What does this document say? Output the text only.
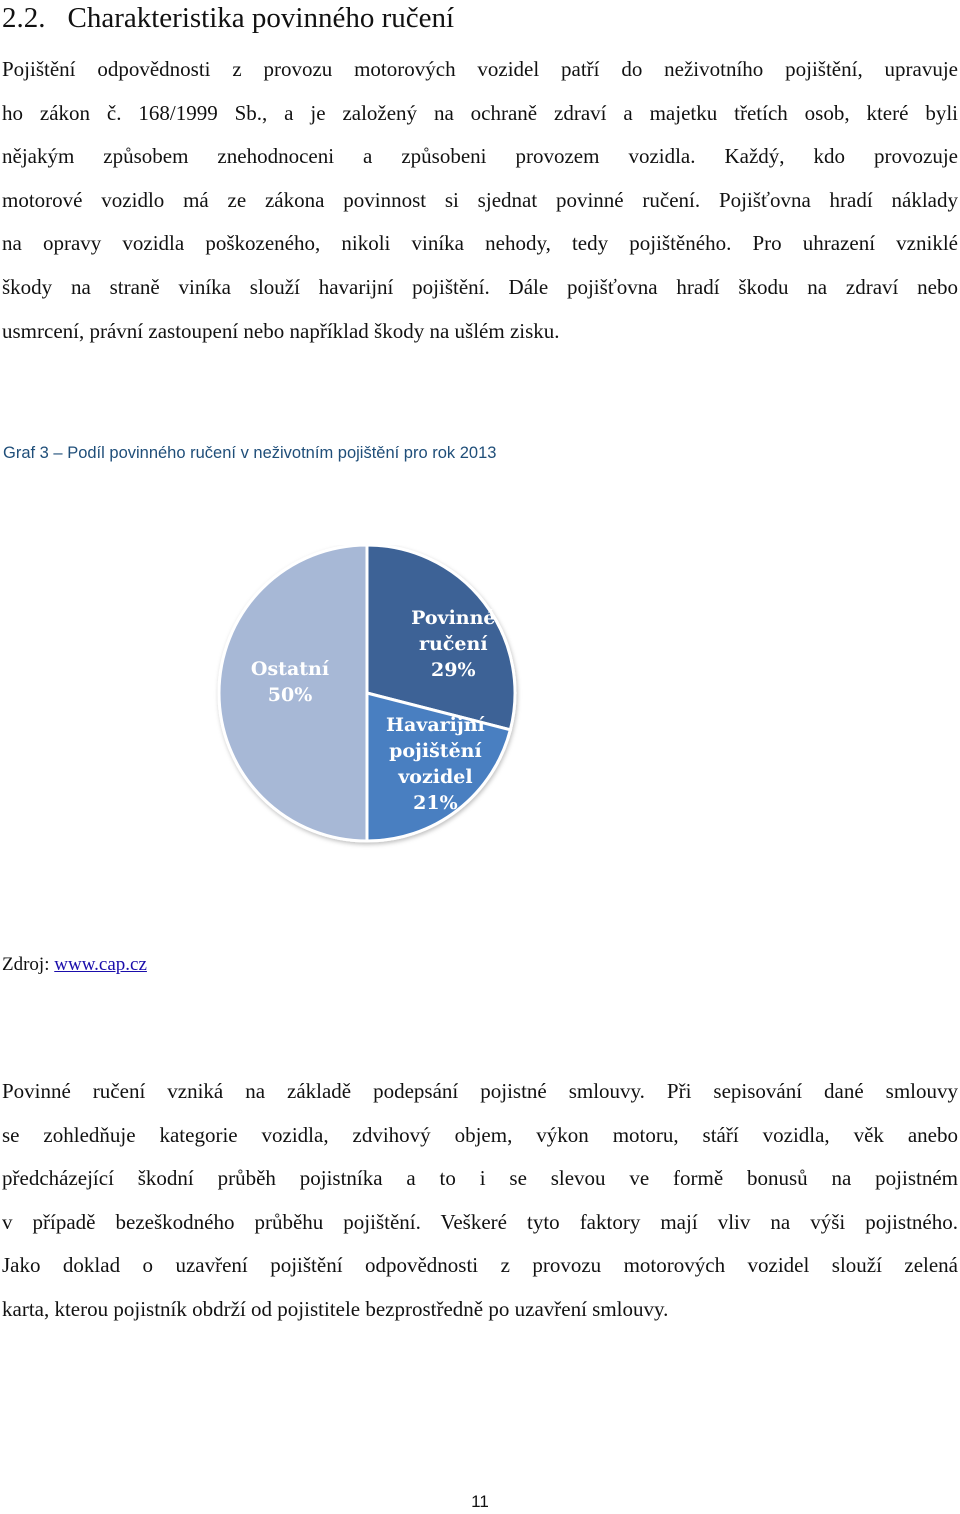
2.2. Charakteristika povinného ručení
Pojištění odpovědnosti z provozu motorových vozidel patří do neživotního pojištění, upravuje
ho zákon č. 168/1999 Sb., a je založený na ochraně zdraví a majetku třetích osob, které byli
nějakým způsobem znehodnoceni a způsobeni provozem vozidla. Každý, kdo provozuje
motorové vozidlo má ze zákona povinnost si sjednat povinné ručení. Pojišťovna hradí náklady
na opravy vozidla poškozeného, nikoli viníka nehody, tedy pojištěného. Pro uhrazení vzniklé
škody na straně viníka slouží havarijní pojištění. Dále pojišťovna hradí škodu na zdraví nebo
usmrcení, právní zastoupení nebo například škody na ušlém zisku.
Graf 3 – Podíl povinného ručení v neživotním pojištění pro rok 2013
Povinné ručení 29%
Havarijní pojištění vozidel 21%
Ostatní 50%
Zdroj: www.cap.cz
Povinné ručení vzniká na základě podepsání pojistné smlouvy. Při sepisování dané smlouvy
se zohledňuje kategorie vozidla, zdvihový objem, výkon motoru, stáří vozidla, věk anebo
předcházející škodní průběh pojistníka a to i se slevou ve formě bonusů na pojistném
v případě bezeškodného průběhu pojištění. Veškeré tyto faktory mají vliv na výši pojistného.
Jako doklad o uzavření pojištění odpovědnosti z provozu motorových vozidel slouží zelená
karta, kterou pojistník obdrží od pojistitele bezprostředně po uzavření smlouvy.
11
